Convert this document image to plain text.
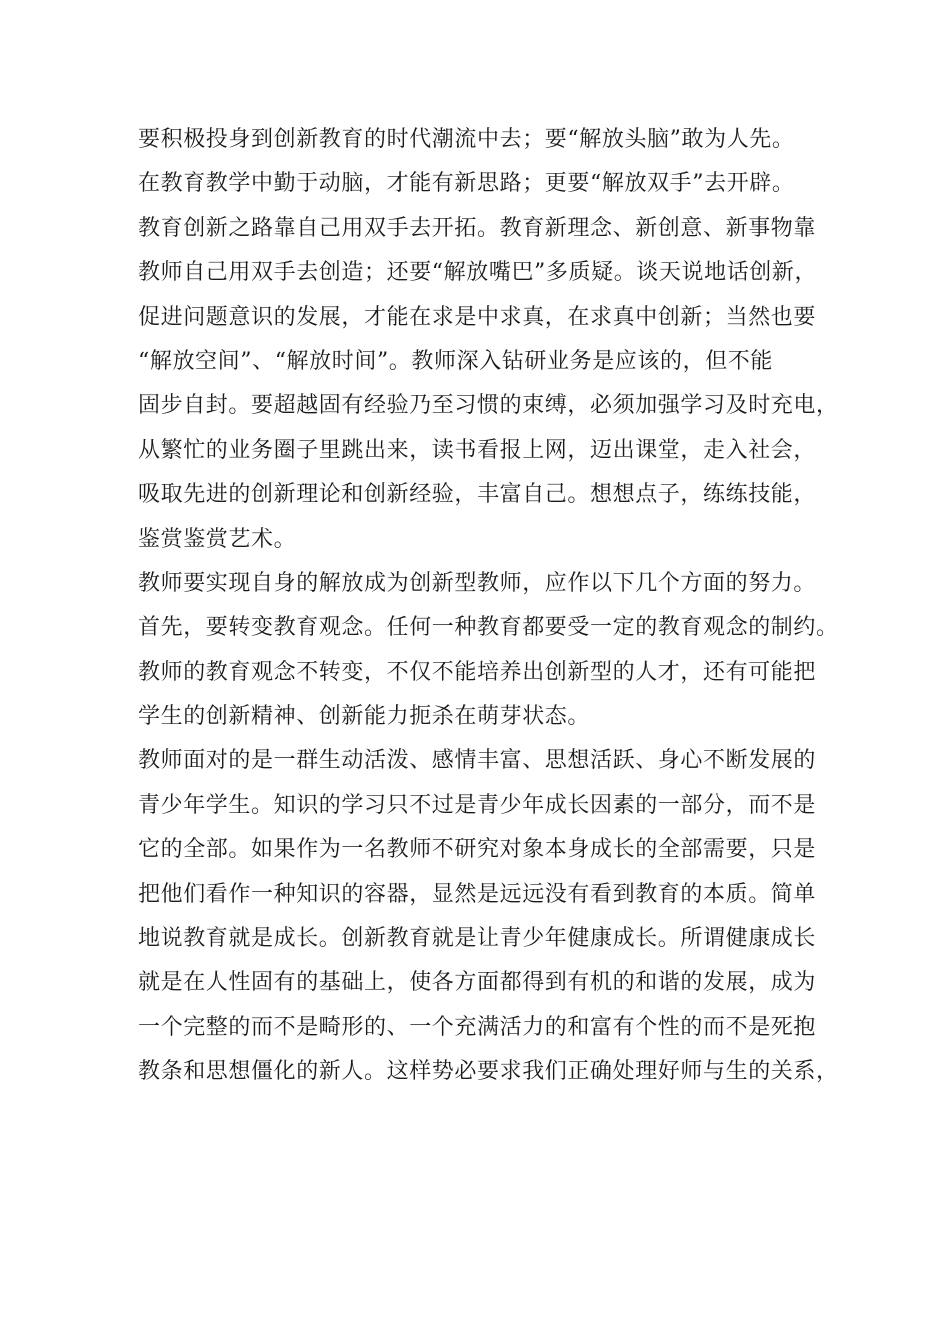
要积极投身到创新教育的时代潮流中去；要“解放头脑”敢为人先。
在教育教学中勤于动脑，才能有新思路；更要“解放双手”去开辟。
教育创新之路靠自己用双手去开拓。教育新理念、新创意、新事物靠
教师自己用双手去创造；还要“解放嘴巴”多质疑。谈天说地话创新，
促进问题意识的发展，才能在求是中求真，在求真中创新；当然也要
“解放空间”、“解放时间”。教师深入钻研业务是应该的，但不能
固步自封。要超越固有经验乃至习惯的束缚，必须加强学习及时充电，
从繁忙的业务圈子里跳出来，读书看报上网，迈出课堂，走入社会，
吸取先进的创新理论和创新经验，丰富自己。想想点子，练练技能，
鉴赏鉴赏艺术。
教师要实现自身的解放成为创新型教师，应作以下几个方面的努力。
首先，要转变教育观念。任何一种教育都要受一定的教育观念的制约。
教师的教育观念不转变，不仅不能培养出创新型的人才，还有可能把
学生的创新精神、创新能力扼杀在萌芽状态。
教师面对的是一群生动活泼、感情丰富、思想活跃、身心不断发展的
青少年学生。知识的学习只不过是青少年成长因素的一部分，而不是
它的全部。如果作为一名教师不研究对象本身成长的全部需要，只是
把他们看作一种知识的容器，显然是远远没有看到教育的本质。简单
地说教育就是成长。创新教育就是让青少年健康成长。所谓健康成长
就是在人性固有的基础上，使各方面都得到有机的和谐的发展，成为
一个完整的而不是畸形的、一个充满活力的和富有个性的而不是死抱
教条和思想僵化的新人。这样势必要求我们正确处理好师与生的关系，
